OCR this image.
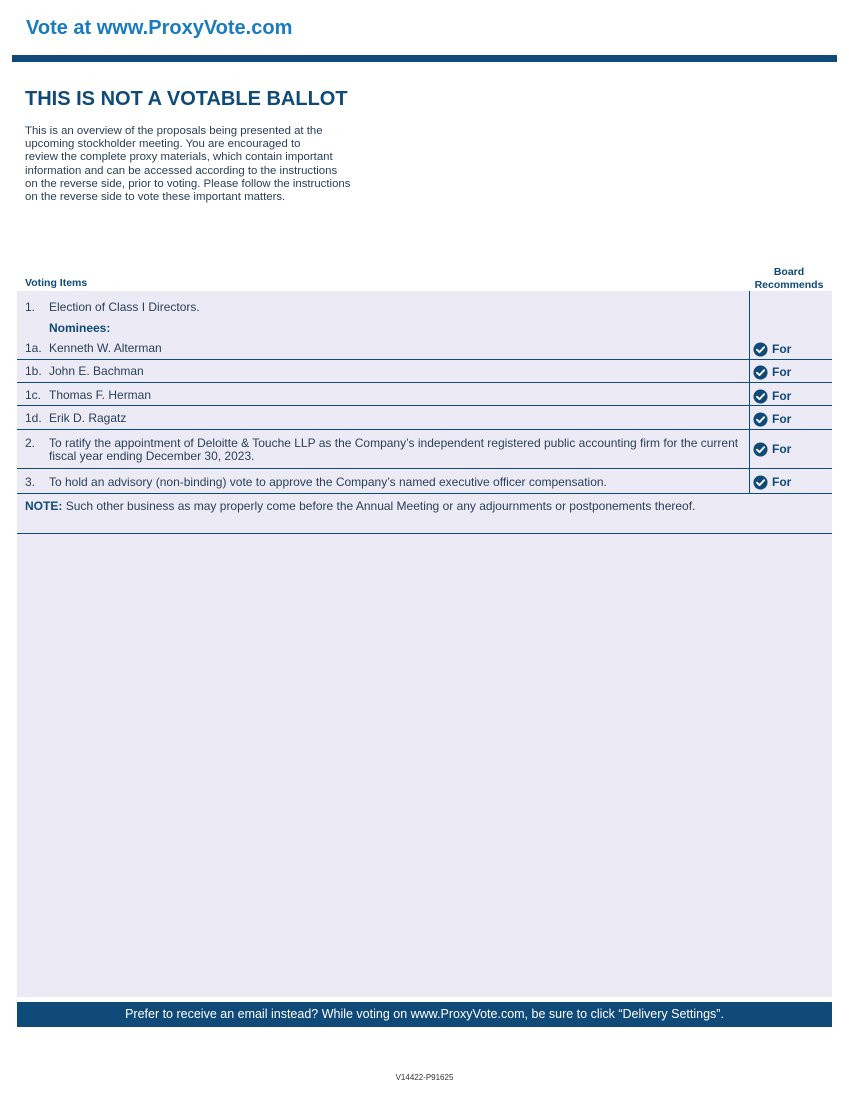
Vote at www.ProxyVote.com
THIS IS NOT A VOTABLE BALLOT
This is an overview of the proposals being presented at the
upcoming stockholder meeting. You are encouraged to
review the complete proxy materials, which contain important
information and can be accessed according to the instructions
on the reverse side, prior to voting. Please follow the instructions
on the reverse side to vote these important matters.
Voting Items
Board
Recommends
1. Election of Class I Directors.
Nominees:
1a. Kenneth W. Alterman	For
1b. John E. Bachman	For
1c. Thomas F. Herman	For
1d. Erik D. Ragatz	For
2.	To ratify the appointment of Deloitte & Touche LLP as the Company’s independent registered public accounting firm for the current fiscal year ending December 30, 2023.	For
3. To hold an advisory (non-binding) vote to approve the Company’s named executive officer compensation.	For
NOTE: Such other business as may properly come before the Annual Meeting or any adjournments or postponements thereof.
Prefer to receive an email instead? While voting on www.ProxyVote.com, be sure to click “Delivery Settings”.
V14422-P91625
